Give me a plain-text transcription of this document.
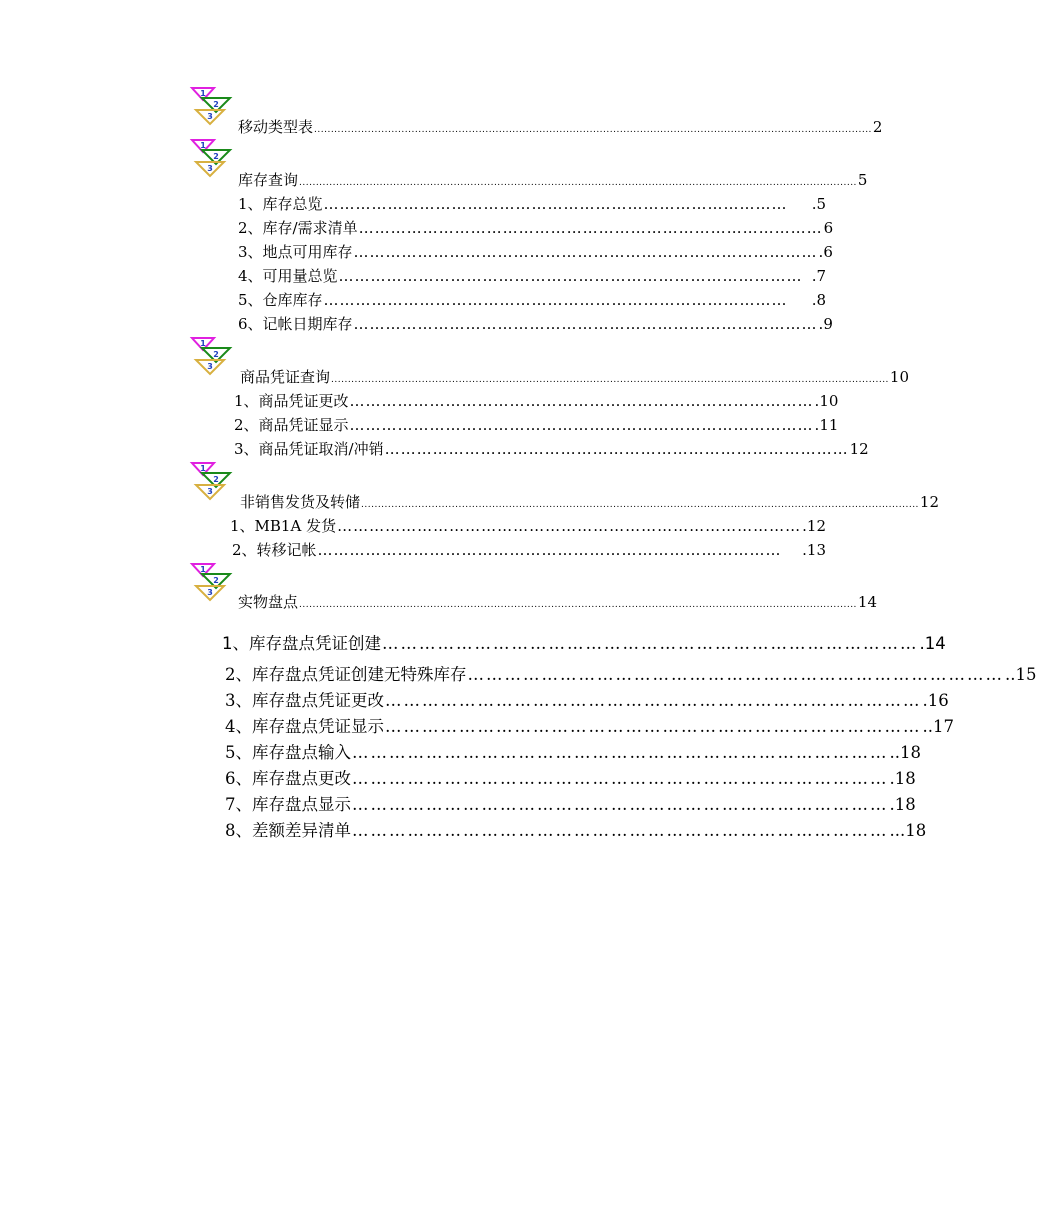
1
2
3
移动类型表 ...................................................................................................................................................................... 2
1
2
3
库存查询 ...................................................................................................................................................................... 5
1、库存总览 ……………………………………………………………………………	.5
2、库存/需求清单 …………………………………………………………………………… 6
3、地点可用库存 …………………………………………………………………………… .6
4、可用量总览 …………………………………………………………………………… .7
5、仓库库存 ……………………………………………………………………………	.8
6、记帐日期库存 …………………………………………………………………………… .9
1
2
3
商品凭证查询 ...................................................................................................................................................................... 10
1、商品凭证更改 …………………………………………………………………………… .10
2、商品凭证显示 …………………………………………………………………………… .11
3、商品凭证取消/冲销 …………………………………………………………………………… 12
1
2
3
非销售发货及转储 ...................................................................................................................................................................... 12
1、MB1A 发货 …………………………………………………………………………… .12
2、转移记帐 ……………………………………………………………………………	.13
1
2
3
实物盘点 ...................................................................................................................................................................... 14
1、库存盘点凭证创建 …………………………………………………………………………… .14
2、库存盘点凭证创建无特殊库存 …………………………………………………………………………… ..15
3、库存盘点凭证更改 …………………………………………………………………………… .16
4、库存盘点凭证显示 …………………………………………………………………………… ..17
5、库存盘点输入 …………………………………………………………………………… ..18
6、库存盘点更改 …………………………………………………………………………… .18
7、库存盘点显示 …………………………………………………………………………… .18
8、差额差异清单 …………………………………………………………………………… ...18
